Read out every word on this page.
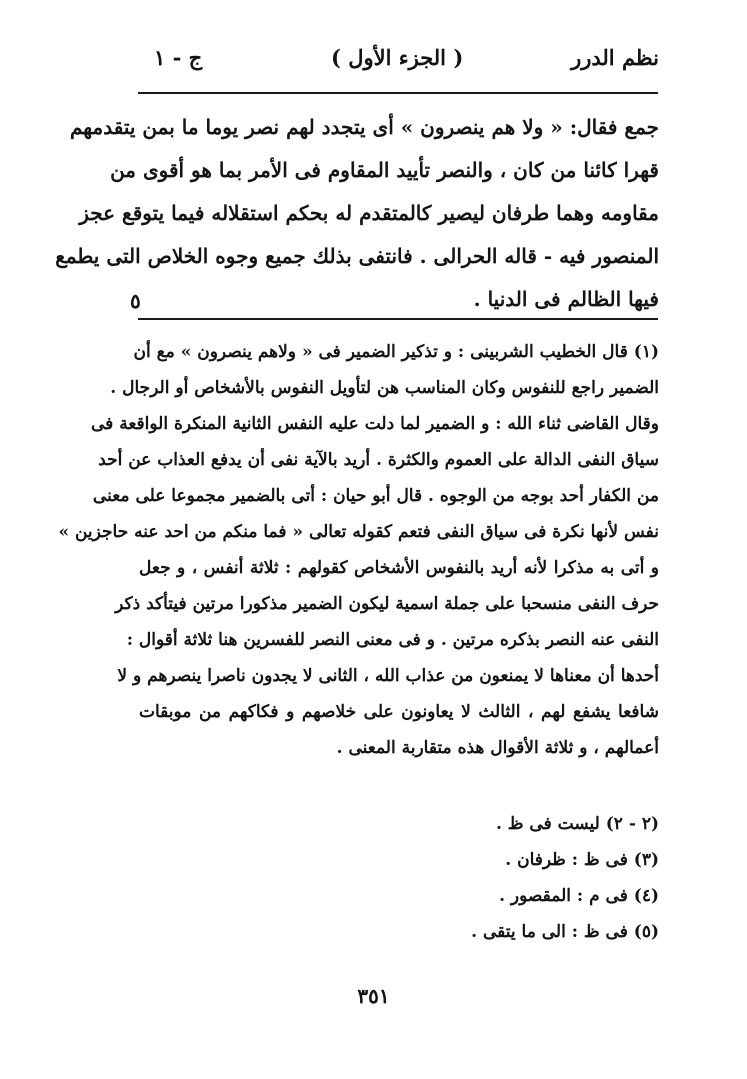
نظم الدرر
( الجزء الأول )
ج - ١
جمع فقال: « ولا هم ينصرون » أى يتجدد لهم نصر يوما ما بمن يتقدمهم
قهرا كائنا من كان ، والنصر تأييد المقاوم فى الأمر بما هو أقوى من
مقاومه وهما طرفان ليصير كالمتقدم له بحكم استقلاله فيما يتوقع عجز
المنصور فيه - قاله الحرالى . فانتفى بذلك جميع وجوه الخلاص التى يطمع
فيها الظالم فى الدنيا .
٥
(١) قال الخطيب الشربينى : و تذكير الضمير فى « ولاهم ينصرون » مع أن
الضمير راجع للنفوس وكان المناسب هن لتأويل النفوس بالأشخاص أو الرجال .
وقال القاضى ثناء الله : و الضمير لما دلت عليه النفس الثانية المنكرة الواقعة فى
سياق النفى الدالة على العموم والكثرة . أريد بالآية نفى أن يدفع العذاب عن أحد
من الكفار أحد بوجه من الوجوه . قال أبو حيان : أتى بالضمير مجموعا على معنى
نفس لأنها نكرة فى سياق النفى فتعم كقوله تعالى « فما منكم من احد عنه حاجزين »
و أتى به مذكرا لأنه أريد بالنفوس الأشخاص كقولهم : ثلاثة أنفس ، و جعل
حرف النفى منسحبا على جملة اسمية ليكون الضمير مذكورا مرتين فيتأكد ذكر
النفى عنه النصر بذكره مرتين . و فى معنى النصر للفسرين هنا ثلاثة أقوال :
أحدها أن معناها لا يمنعون من عذاب الله ، الثانى لا يجدون ناصرا ينصرهم و لا
شافعا يشفع لهم ، الثالث لا يعاونون على خلاصهم و فكاكهم من موبقات
أعمالهم ، و ثلاثة الأقوال هذه متقاربة المعنى .
(٢ - ٢) ليست فى ظ .
(٣) فى ظ : ظرفان .
(٤) فى م : المقصور .
(٥) فى ظ : الى ما يتقى .
٣٥١
